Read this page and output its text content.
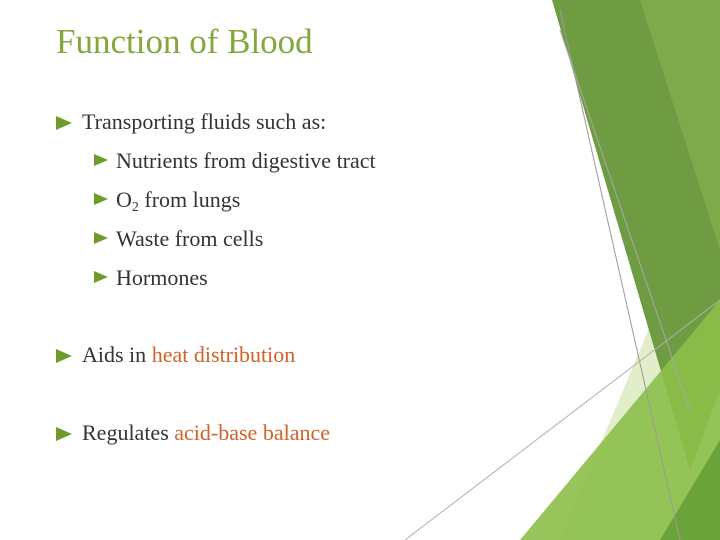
Function of Blood
Transporting fluids such as:
Nutrients from digestive tract
$O_2$ from lungs
Waste from cells
Hormones
Aids in heat distribution
Regulates acid-base balance
